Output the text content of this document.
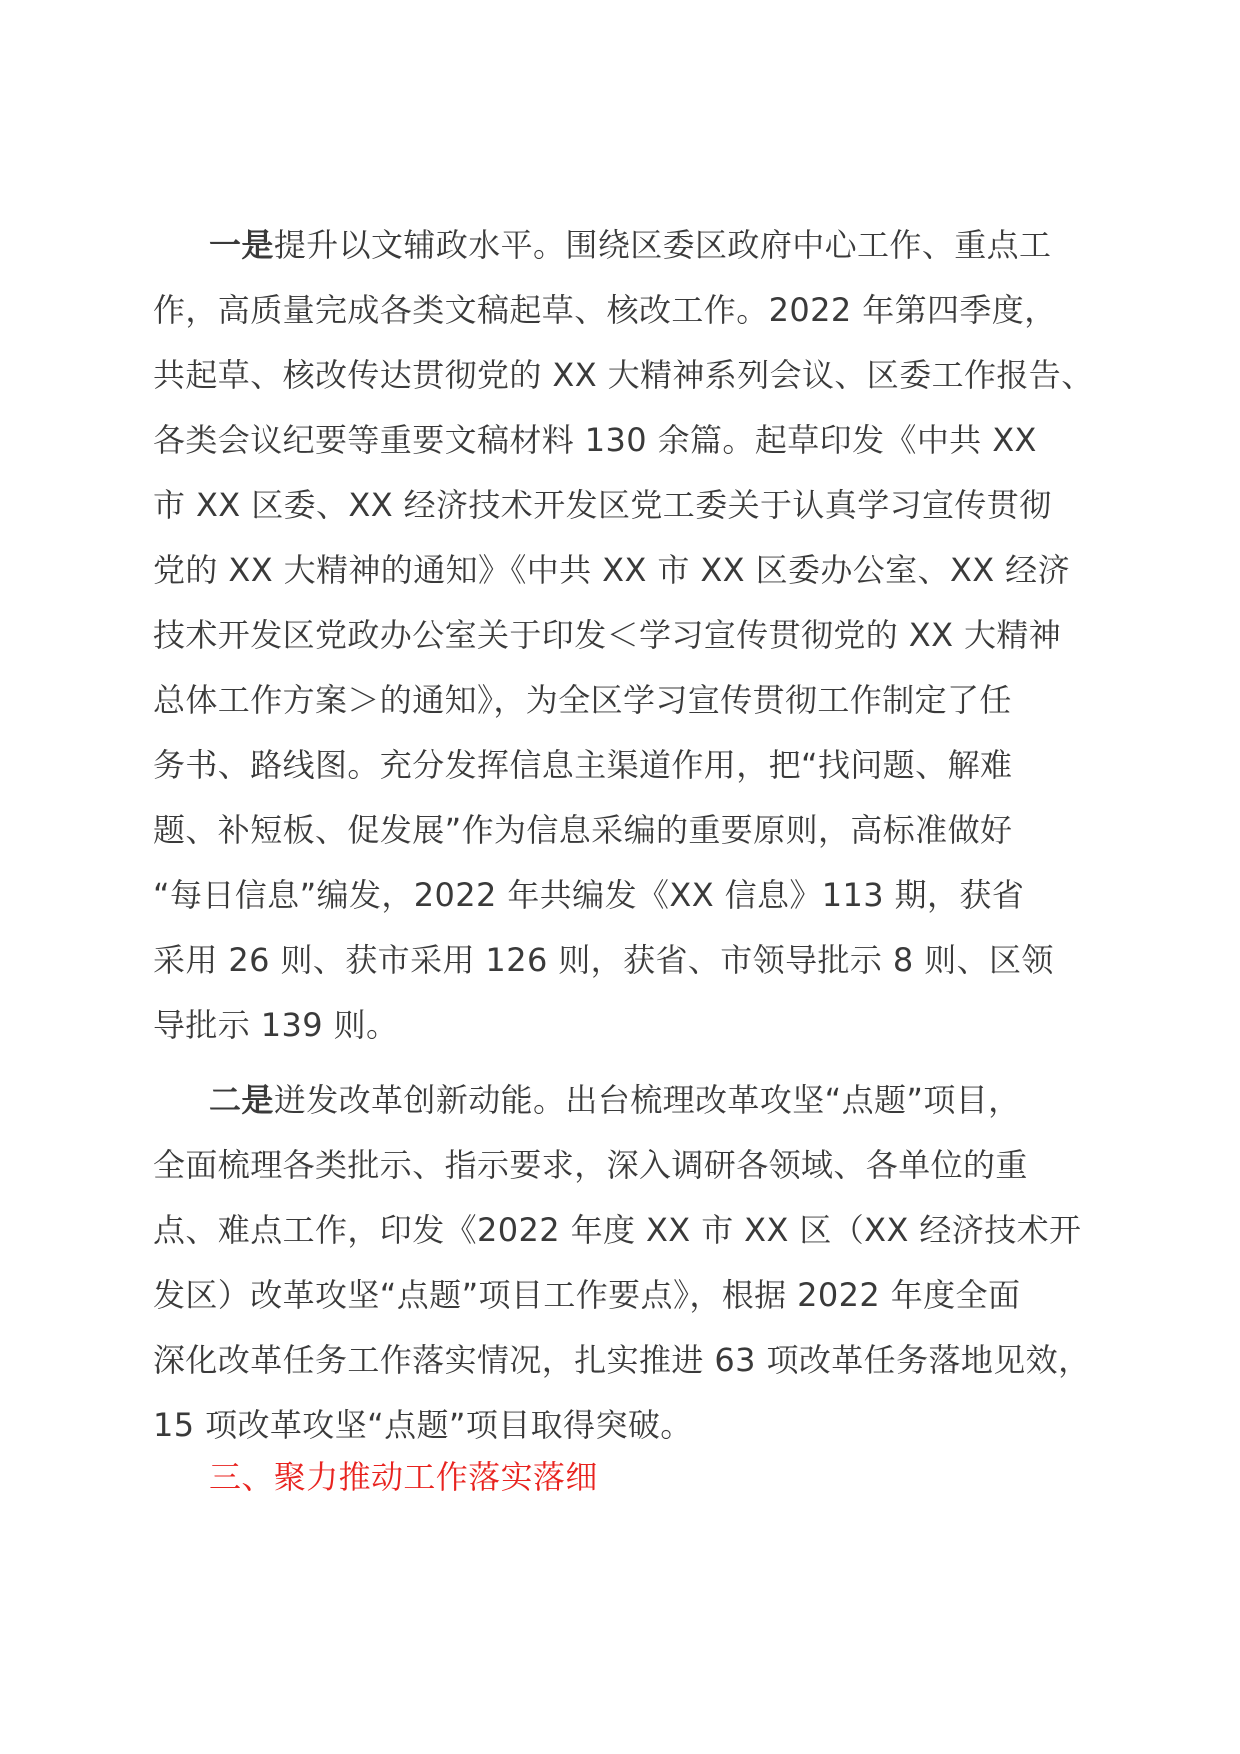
一是提升以文辅政水平。围绕区委区政府中心工作、重点工
作，高质量完成各类文稿起草、核改工作。2022 年第四季度，
共起草、核改传达贯彻党的 XX 大精神系列会议、区委工作报告、
各类会议纪要等重要文稿材料 130 余篇。起草印发《中共 XX
市 XX 区委、XX 经济技术开发区党工委关于认真学习宣传贯彻
党的 XX 大精神的通知》《中共 XX 市 XX 区委办公室、XX 经济
技术开发区党政办公室关于印发＜学习宣传贯彻党的 XX 大精神
总体工作方案＞的通知》，为全区学习宣传贯彻工作制定了任
务书、路线图。充分发挥信息主渠道作用，把“找问题、解难
题、补短板、促发展”作为信息采编的重要原则，高标准做好
“每日信息”编发，2022 年共编发《XX 信息》113 期，获省
采用 26 则、获市采用 126 则，获省、市领导批示 8 则、区领
导批示 139 则。
二是迸发改革创新动能。出台梳理改革攻坚“点题”项目，
全面梳理各类批示、指示要求，深入调研各领域、各单位的重
点、难点工作，印发《2022 年度 XX 市 XX 区（XX 经济技术开
发区）改革攻坚“点题”项目工作要点》，根据 2022 年度全面
深化改革任务工作落实情况，扎实推进 63 项改革任务落地见效，
15 项改革攻坚“点题”项目取得突破。
三、聚力推动工作落实落细
